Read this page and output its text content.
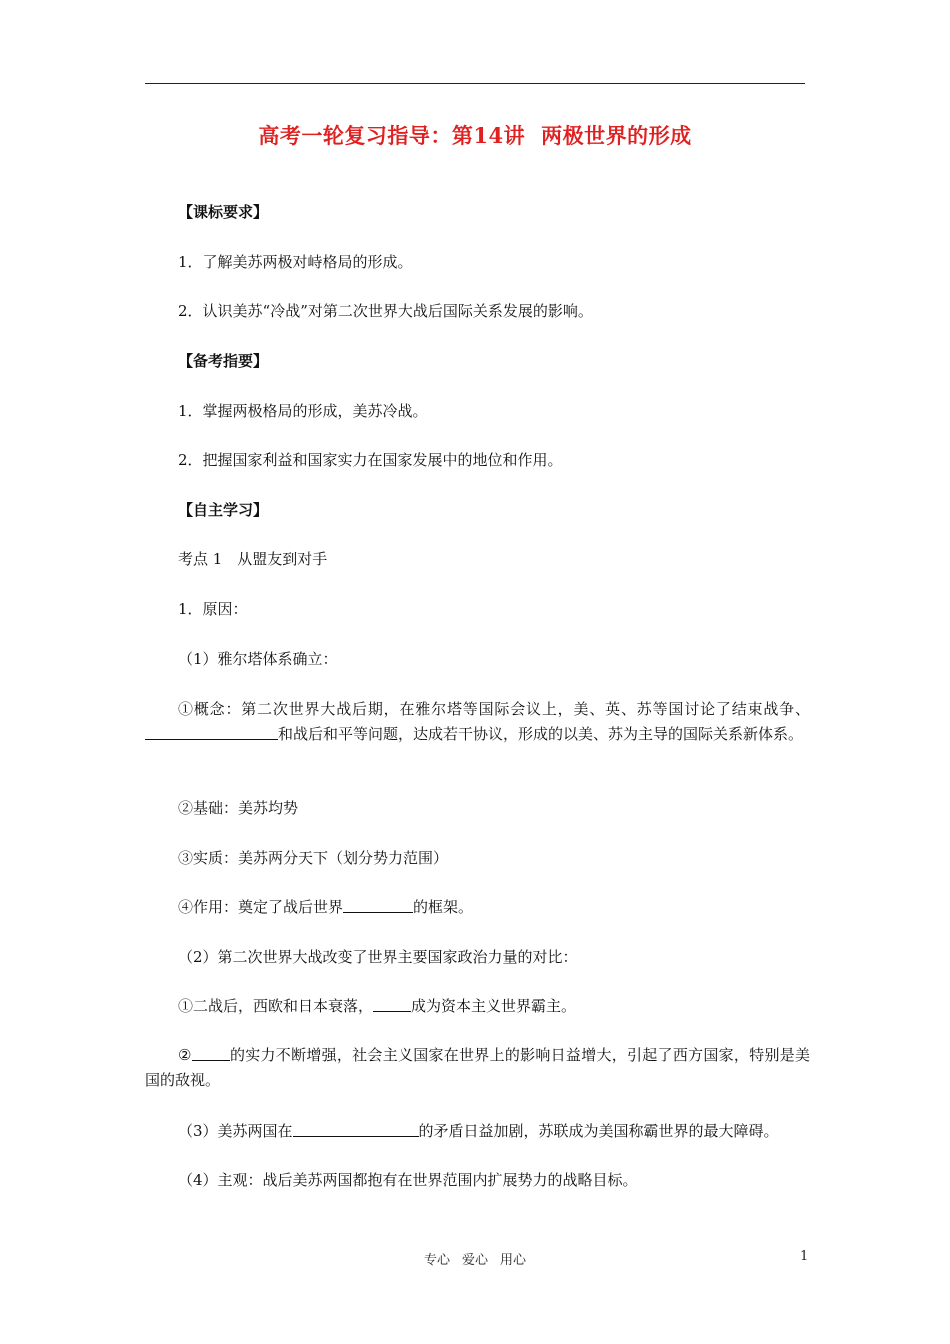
高考一轮复习指导：第14讲 两极世界的形成
【课标要求】
1．了解美苏两极对峙格局的形成。
2．认识美苏“冷战”对第二次世界大战后国际关系发展的影响。
【备考指要】
1．掌握两极格局的形成，美苏冷战。
2．把握国家利益和国家实力在国家发展中的地位和作用。
【自主学习】
考点 1　从盟友到对手
1．原因：
（1）雅尔塔体系确立：
①概念：第二次世界大战后期，在雅尔塔等国际会议上，美、英、苏等国讨论了结束战争、和战后和平等问题，达成若干协议，形成的以美、苏为主导的国际关系新体系。
②基础：美苏均势
③实质：美苏两分天下（划分势力范围）
④作用：奠定了战后世界	的框架。
（2）第二次世界大战改变了世界主要国家政治力量的对比：
①二战后，西欧和日本衰落，	成为资本主义世界霸主。
②	的实力不断增强，社会主义国家在世界上的影响日益增大，引起了西方国家，特别是美国的敌视。
（3）美苏两国在	的矛盾日益加剧，苏联成为美国称霸世界的最大障碍。
（4）主观：战后美苏两国都抱有在世界范围内扩展势力的战略目标。
专心 爱心 用心	1
